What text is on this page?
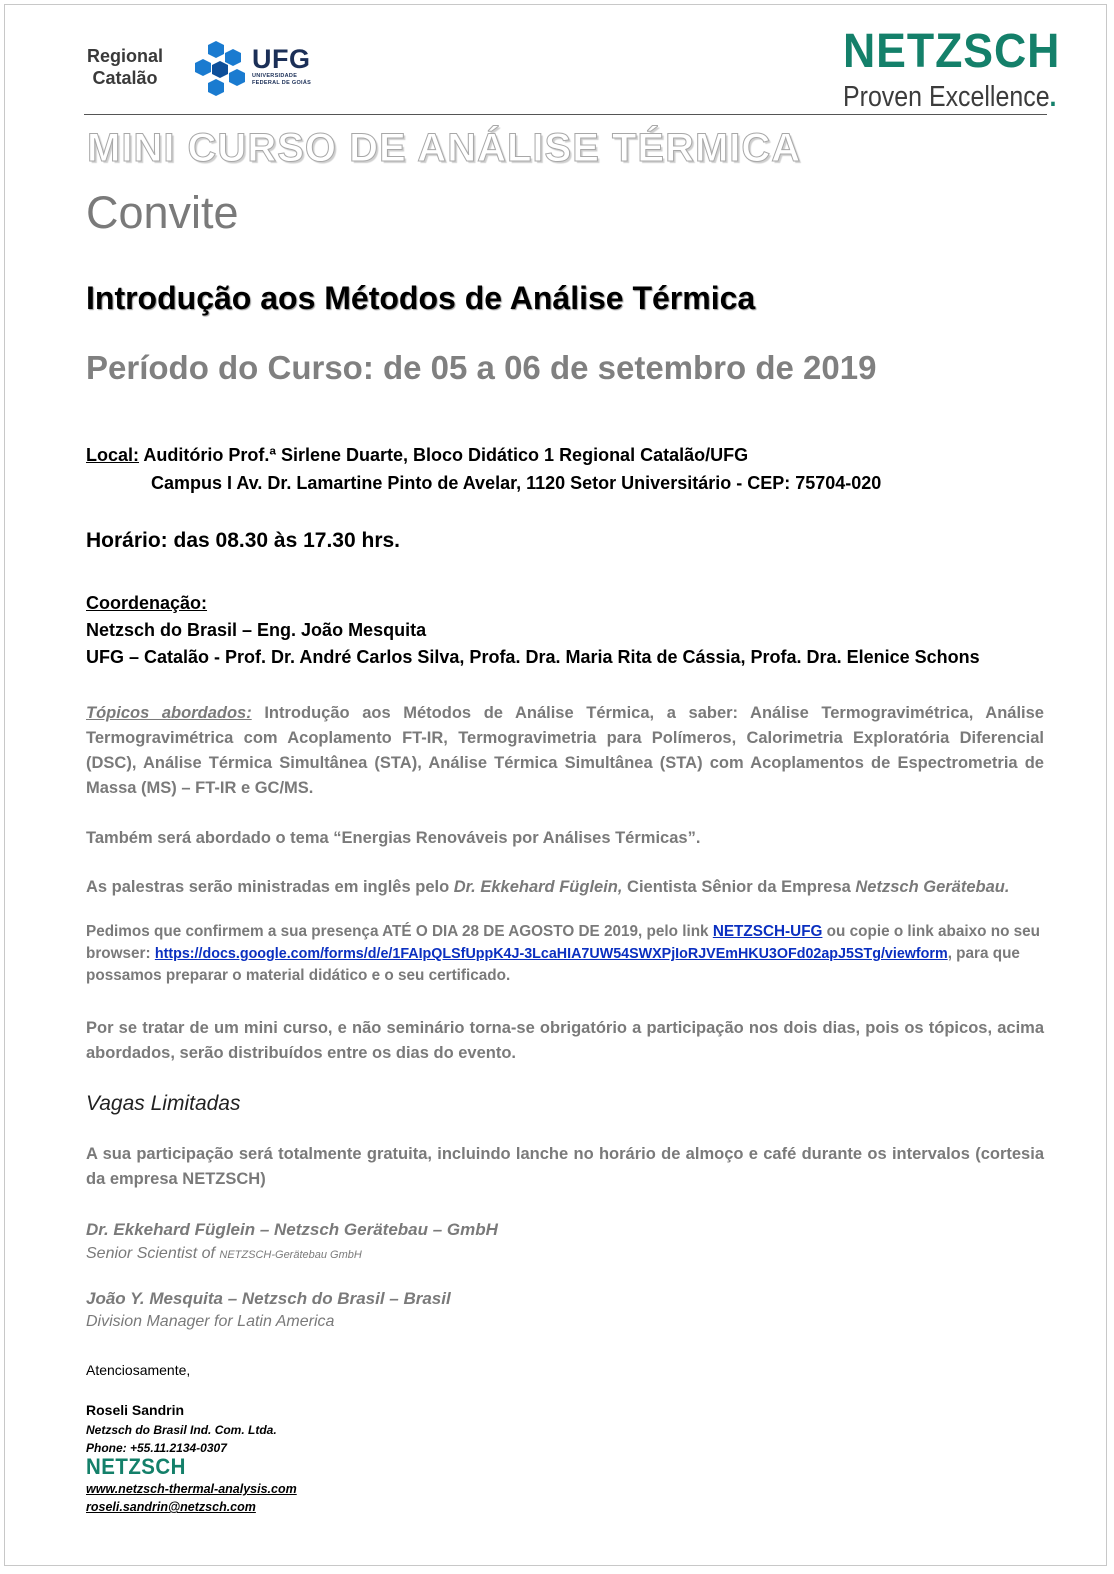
Regional
Catalão
UFG
UNIVERSIDADE
FEDERAL DE GOIÁS
NETZSCH
Proven Excellence.
MINI CURSO DE ANÁLISE TÉRMICA
Convite
Introdução aos Métodos de Análise Térmica
Período do Curso: de 05 a 06 de setembro de 2019
Local: Auditório Prof.ª Sirlene Duarte, Bloco Didático 1 Regional Catalão/UFG
Campus I Av. Dr. Lamartine Pinto de Avelar, 1120 Setor Universitário - CEP: 75704-020
Horário: das 08.30 às 17.30 hrs.
Coordenação:
Netzsch do Brasil – Eng. João Mesquita
UFG – Catalão - Prof. Dr. André Carlos Silva, Profa. Dra. Maria Rita de Cássia, Profa. Dra. Elenice Schons
Tópicos abordados: Introdução aos Métodos de Análise Térmica, a saber: Análise Termogravimétrica, Análise Termogravimétrica com Acoplamento FT-IR, Termogravimetria para Polímeros, Calorimetria Exploratória Diferencial (DSC), Análise Térmica Simultânea (STA), Análise Térmica Simultânea (STA) com Acoplamentos de Espectrometria de Massa (MS) – FT-IR e GC/MS.
Também será abordado o tema “Energias Renováveis por Análises Térmicas”.
As palestras serão ministradas em inglês pelo Dr. Ekkehard Füglein, Cientista Sênior da Empresa Netzsch Gerätebau.
Pedimos que confirmem a sua presença ATÉ O DIA 28 DE AGOSTO DE 2019, pelo link NETZSCH-UFG ou copie o link abaixo no seu browser: https://docs.google.com/forms/d/e/1FAIpQLSfUppK4J-3LcaHIA7UW54SWXPjIoRJVEmHKU3OFd02apJ5STg/viewform, para que possamos preparar o material didático e o seu certificado.
Por se tratar de um mini curso, e não seminário torna-se obrigatório a participação nos dois dias, pois os tópicos, acima abordados, serão distribuídos entre os dias do evento.
Vagas Limitadas
A sua participação será totalmente gratuita, incluindo lanche no horário de almoço e café durante os intervalos (cortesia da empresa NETZSCH)
Dr. Ekkehard Füglein – Netzsch Gerätebau – GmbH
Senior Scientist of NETZSCH-Gerätebau GmbH
João Y. Mesquita – Netzsch do Brasil – Brasil
Division Manager for Latin America
Atenciosamente,
Roseli Sandrin
Netzsch do Brasil Ind. Com. Ltda.
Phone: +55.11.2134-0307
NETZSCH
www.netzsch-thermal-analysis.com
roseli.sandrin@netzsch.com
